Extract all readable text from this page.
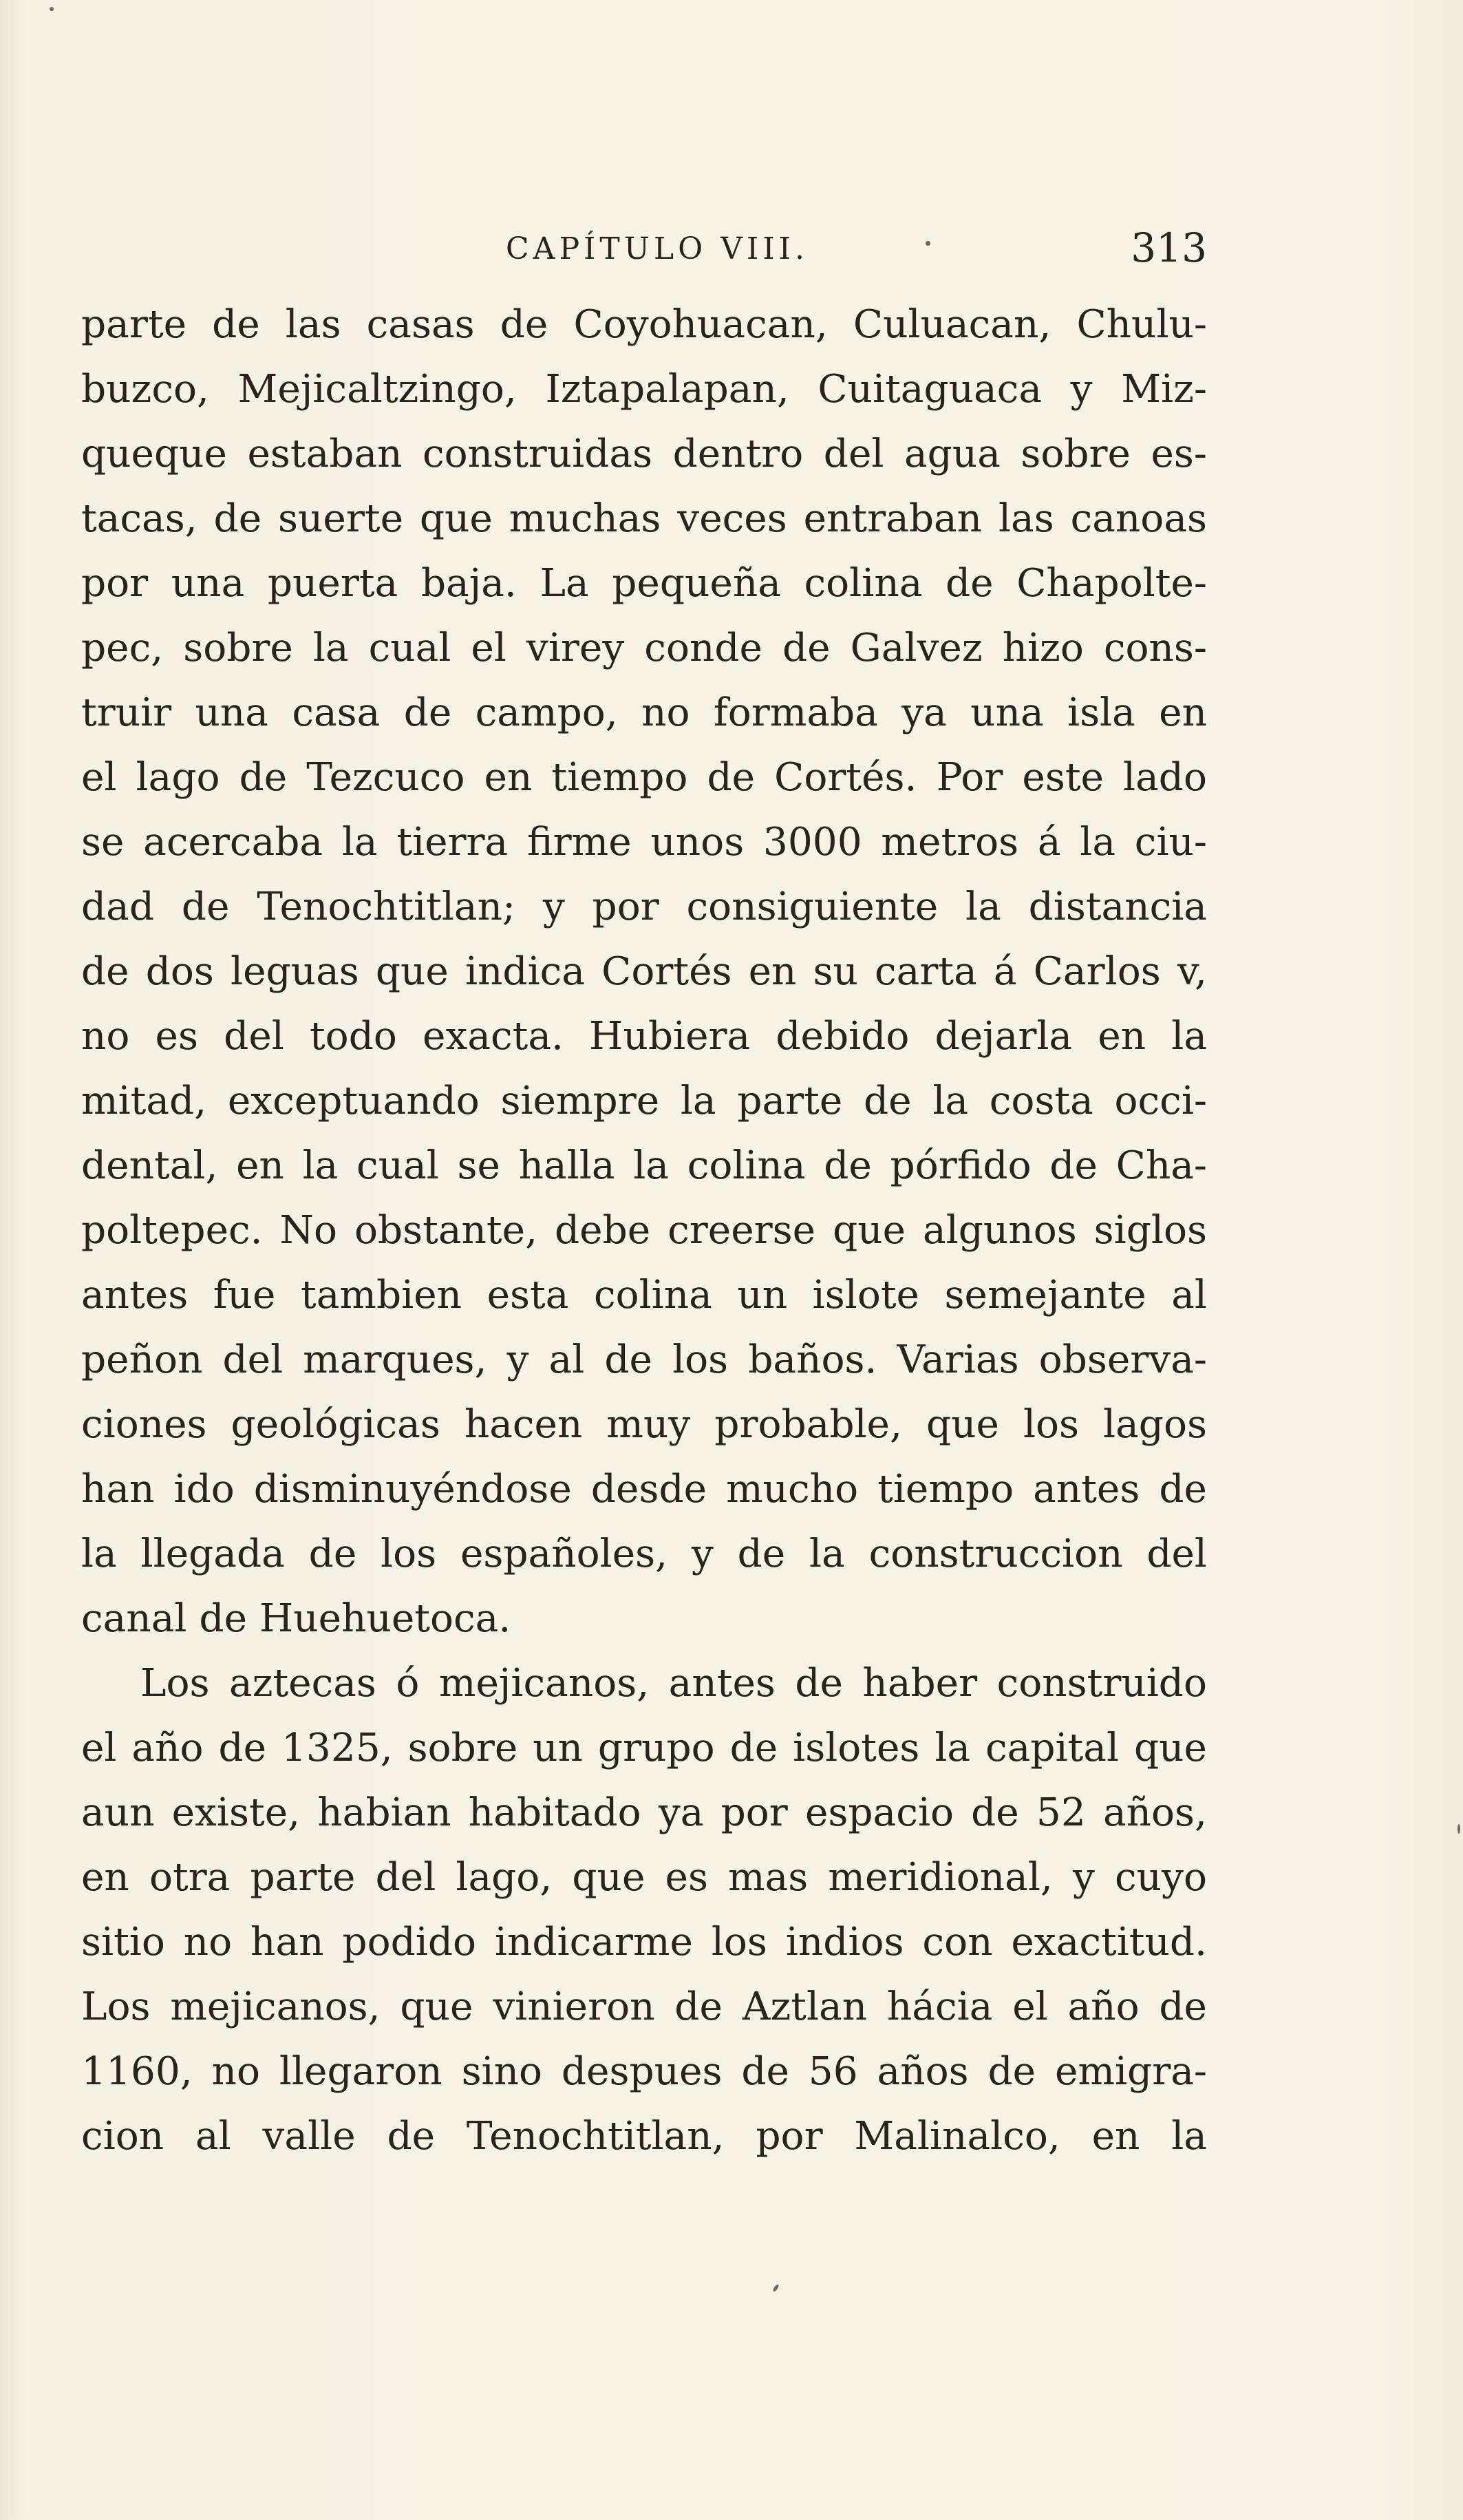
CAPÍTULO VIII.	313
parte de las casas de Coyohuacan, Culuacan, Chulu-
buzco, Mejicaltzingo, Iztapalapan, Cuitaguaca y Miz-
queque estaban construidas dentro del agua sobre es-
tacas, de suerte que muchas veces entraban las canoas
por una puerta baja. La pequeña colina de Chapolte-
pec, sobre la cual el virey conde de Galvez hizo cons-
truir una casa de campo, no formaba ya una isla en
el lago de Tezcuco en tiempo de Cortés. Por este lado
se acercaba la tierra firme unos 3000 metros á la ciu-
dad de Tenochtitlan; y por consiguiente la distancia
de dos leguas que indica Cortés en su carta á Carlos v,
no es del todo exacta. Hubiera debido dejarla en la
mitad, exceptuando siempre la parte de la costa occi-
dental, en la cual se halla la colina de pórfido de Cha-
poltepec. No obstante, debe creerse que algunos siglos
antes fue tambien esta colina un islote semejante al
peñon del marques, y al de los baños. Varias observa-
ciones geológicas hacen muy probable, que los lagos
han ido disminuyéndose desde mucho tiempo antes de
la llegada de los españoles, y de la construccion del
canal de Huehuetoca.
Los aztecas ó mejicanos, antes de haber construido
el año de 1325, sobre un grupo de islotes la capital que
aun existe, habian habitado ya por espacio de 52 años,
en otra parte del lago, que es mas meridional, y cuyo
sitio no han podido indicarme los indios con exactitud.
Los mejicanos, que vinieron de Aztlan hácia el año de
1160, no llegaron sino despues de 56 años de emigra-
cion al valle de Tenochtitlan, por Malinalco, en la
